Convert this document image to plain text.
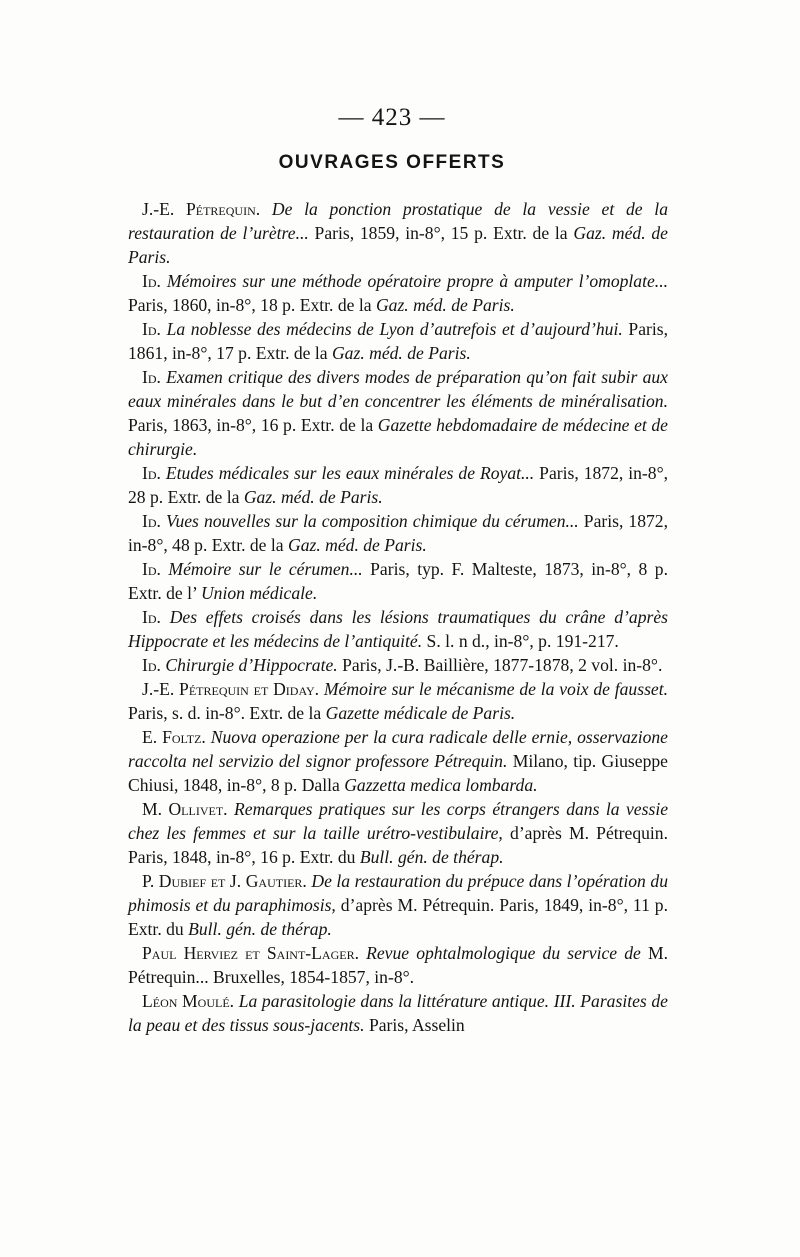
— 423 —
OUVRAGES OFFERTS

J.-E. Pétrequin. De la ponction prostatique de la vessie et de la restauration de l’urètre... Paris, 1859, in-8°, 15 p. Extr. de la Gaz. méd. de Paris.

Id. Mémoires sur une méthode opératoire propre à amputer l’omoplate... Paris, 1860, in-8°, 18 p. Extr. de la Gaz. méd. de Paris.

Id. La noblesse des médecins de Lyon d’autrefois et d’aujourd’hui. Paris, 1861, in-8°, 17 p. Extr. de la Gaz. méd. de Paris.

Id. Examen critique des divers modes de préparation qu’on fait subir aux eaux minérales dans le but d’en concentrer les éléments de minéralisation. Paris, 1863, in-8°, 16 p. Extr. de la Gazette hebdomadaire de médecine et de chirurgie.

Id. Etudes médicales sur les eaux minérales de Royat... Paris, 1872, in-8°, 28 p. Extr. de la Gaz. méd. de Paris.

Id. Vues nouvelles sur la composition chimique du cérumen... Paris, 1872, in-8°, 48 p. Extr. de la Gaz. méd. de Paris.

Id. Mémoire sur le cérumen... Paris, typ. F. Malteste, 1873, in-8°, 8 p. Extr. de l’ Union médicale.

Id. Des effets croisés dans les lésions traumatiques du crâne d’après Hippocrate et les médecins de l’antiquité. S. l. n d., in-8°, p. 191-217.

Id. Chirurgie d’Hippocrate. Paris, J.-B. Baillière, 1877-1878, 2 vol. in-8°.

J.-E. Pétrequin et Diday. Mémoire sur le mécanisme de la voix de fausset. Paris, s. d. in-8°. Extr. de la Gazette médicale de Paris.

E. Foltz. Nuova operazione per la cura radicale delle ernie, osservazione raccolta nel servizio del signor professore Pétrequin. Milano, tip. Giuseppe Chiusi, 1848, in-8°, 8 p. Dalla Gazzetta medica lombarda.

M. Ollivet. Remarques pratiques sur les corps étrangers dans la vessie chez les femmes et sur la taille urétro-vestibulaire, d’après M. Pétrequin. Paris, 1848, in-8°, 16 p. Extr. du Bull. gén. de thérap.

P. Dubief et J. Gautier. De la restauration du prépuce dans l’opération du phimosis et du paraphimosis, d’après M. Pétrequin. Paris, 1849, in-8°, 11 p. Extr. du Bull. gén. de thérap.

Paul Herviez et Saint-Lager. Revue ophtalmologique du service de M. Pétrequin... Bruxelles, 1854-1857, in-8°.

Léon Moulé. La parasitologie dans la littérature antique. III. Parasites de la peau et des tissus sous-jacents. Paris, Asselin
